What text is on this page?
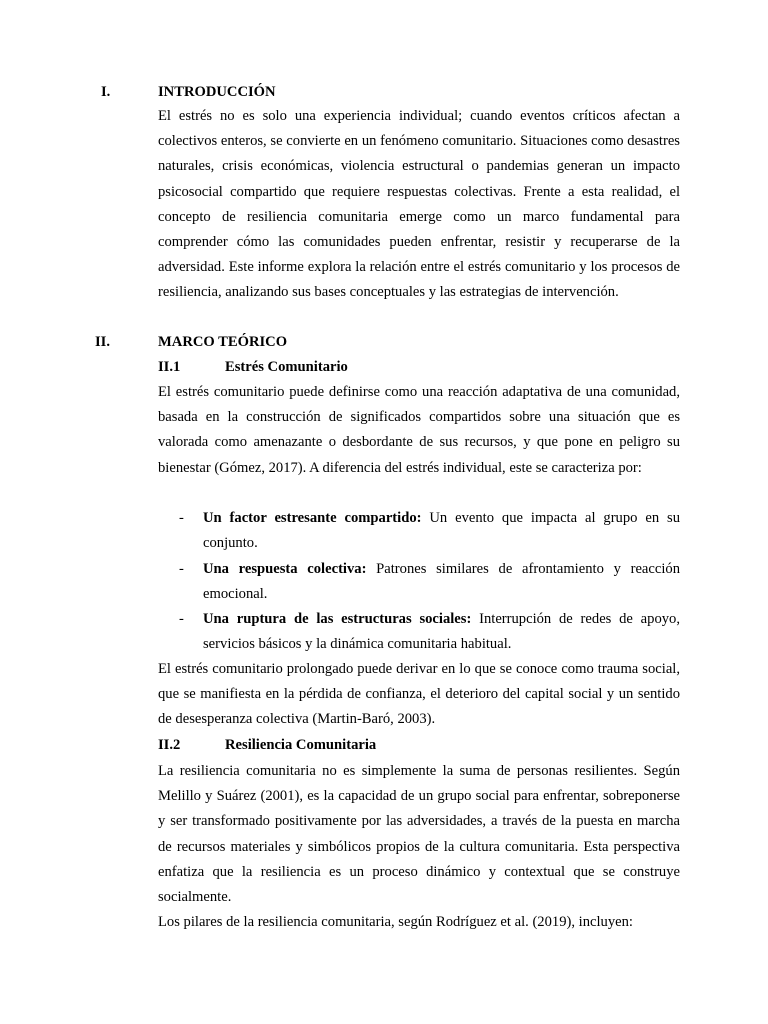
I.	INTRODUCCIÓN

El estrés no es solo una experiencia individual; cuando eventos críticos afectan a colectivos enteros, se convierte en un fenómeno comunitario. Situaciones como desastres naturales, crisis económicas, violencia estructural o pandemias generan un impacto psicosocial compartido que requiere respuestas colectivas. Frente a esta realidad, el concepto de resiliencia comunitaria emerge como un marco fundamental para comprender cómo las comunidades pueden enfrentar, resistir y recuperarse de la adversidad. Este informe explora la relación entre el estrés comunitario y los procesos de resiliencia, analizando sus bases conceptuales y las estrategias de intervención.

II.	MARCO TEÓRICO
II.1	Estrés Comunitario

El estrés comunitario puede definirse como una reacción adaptativa de una comunidad, basada en la construcción de significados compartidos sobre una situación que es valorada como amenazante o desbordante de sus recursos, y que pone en peligro su bienestar (Gómez, 2017). A diferencia del estrés individual, este se caracteriza por:

- Un factor estresante compartido: Un evento que impacta al grupo en su conjunto.

- Una respuesta colectiva: Patrones similares de afrontamiento y reacción emocional.

- Una ruptura de las estructuras sociales: Interrupción de redes de apoyo, servicios básicos y la dinámica comunitaria habitual.

El estrés comunitario prolongado puede derivar en lo que se conoce como trauma social, que se manifiesta en la pérdida de confianza, el deterioro del capital social y un sentido de desesperanza colectiva (Martin-Baró, 2003).

II.2	Resiliencia Comunitaria

La resiliencia comunitaria no es simplemente la suma de personas resilientes. Según Melillo y Suárez (2001), es la capacidad de un grupo social para enfrentar, sobreponerse y ser transformado positivamente por las adversidades, a través de la puesta en marcha de recursos materiales y simbólicos propios de la cultura comunitaria. Esta perspectiva enfatiza que la resiliencia es un proceso dinámico y contextual que se construye socialmente.

Los pilares de la resiliencia comunitaria, según Rodríguez et al. (2019), incluyen:
